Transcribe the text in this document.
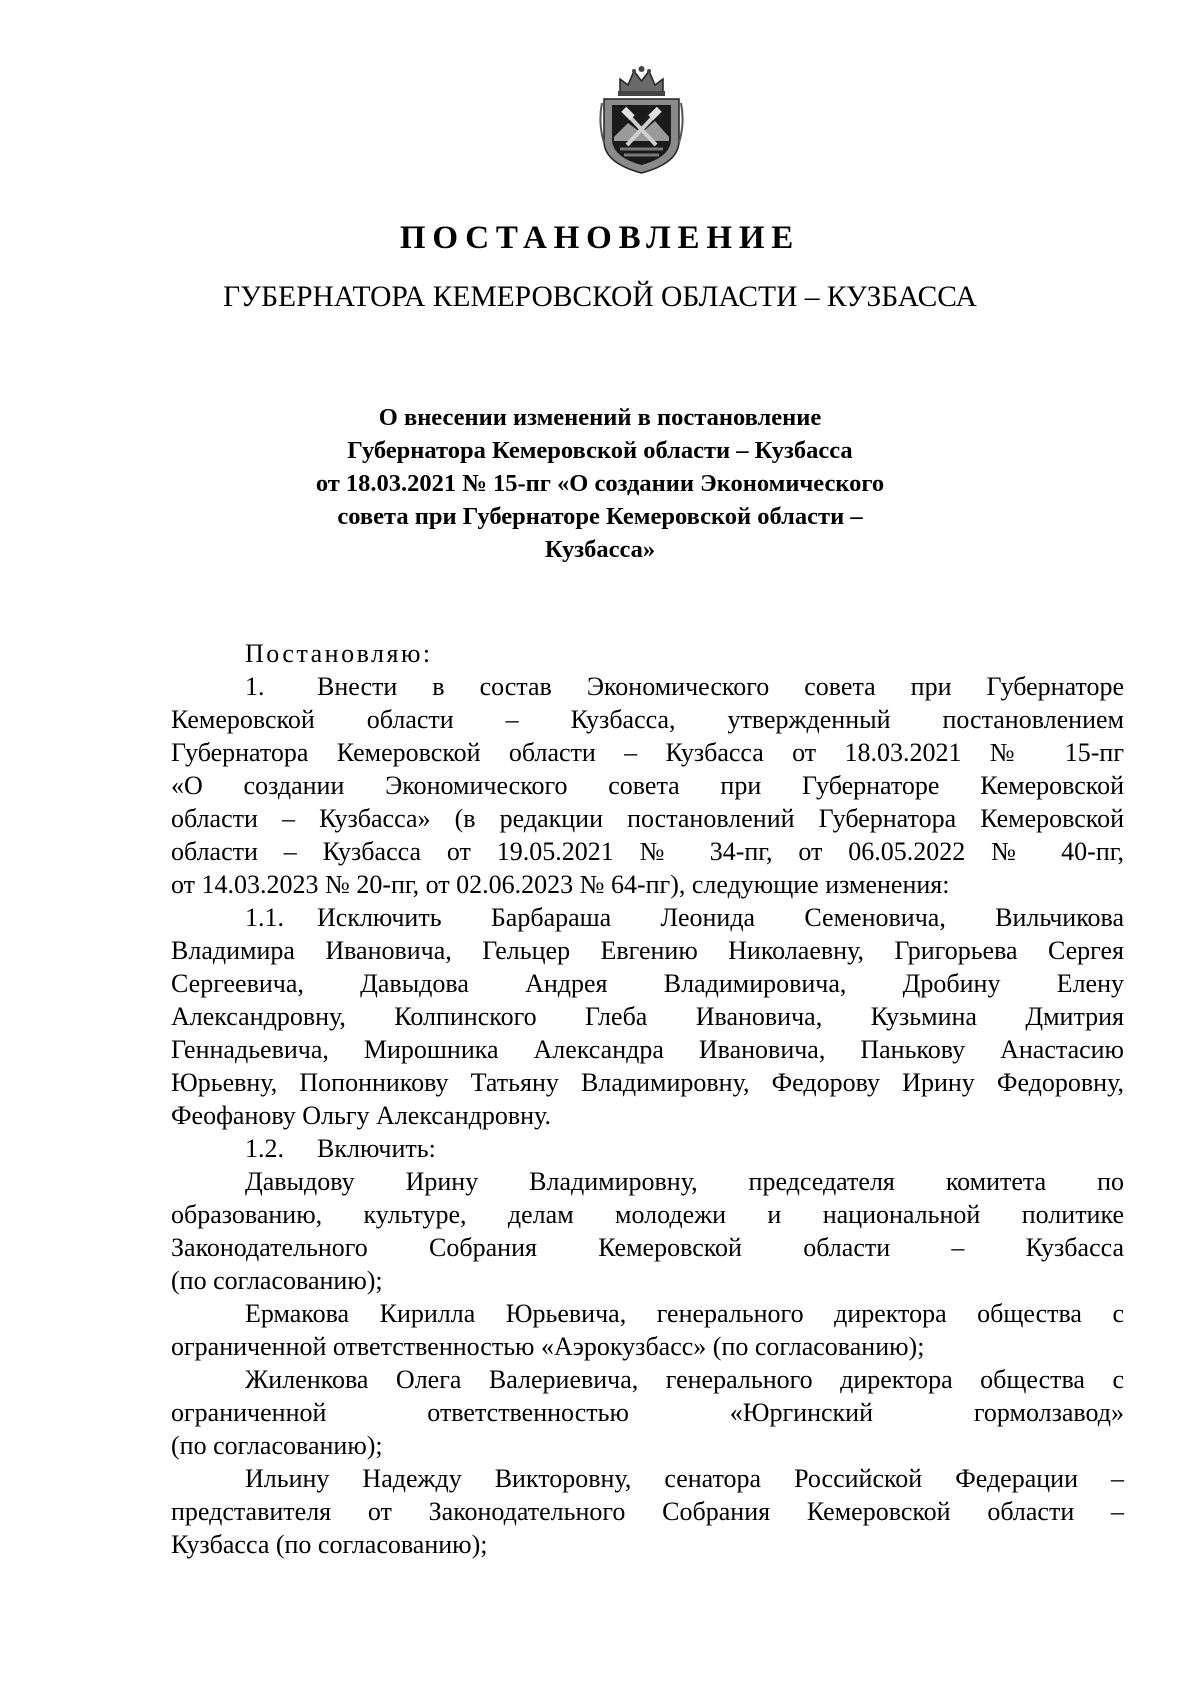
ПОСТАНОВЛЕНИЕ
ГУБЕРНАТОРА КЕМЕРОВСКОЙ ОБЛАСТИ – КУЗБАССА
О внесении изменений в постановление
Губернатора Кемеровской области – Кузбасса
от 18.03.2021 № 15-пг «О создании Экономического
совета при Губернаторе Кемеровской области –
Кузбасса»
Постановляю:
1. Внести в состав Экономического совета при Губернаторе
Кемеровской области – Кузбасса, утвержденный постановлением
Губернатора Кемеровской области – Кузбасса от 18.03.2021 № 15-пг
«О создании Экономического совета при Губернаторе Кемеровской
области – Кузбасса» (в редакции постановлений Губернатора Кемеровской
области – Кузбасса от 19.05.2021 № 34-пг, от 06.05.2022 № 40-пг,
от 14.03.2023 № 20-пг, от 02.06.2023 № 64-пг), следующие изменения:
1.1. Исключить Барбараша Леонида Семеновича, Вильчикова
Владимира Ивановича, Гельцер Евгению Николаевну, Григорьева Сергея
Сергеевича, Давыдова Андрея Владимировича, Дробину Елену
Александровну, Колпинского Глеба Ивановича, Кузьмина Дмитрия
Геннадьевича, Мирошника Александра Ивановича, Панькову Анастасию
Юрьевну, Попонникову Татьяну Владимировну, Федорову Ирину Федоровну,
Феофанову Ольгу Александровну.
1.2. Включить:
Давыдову Ирину Владимировну, председателя комитета по
образованию, культуре, делам молодежи и национальной политике
Законодательного Собрания Кемеровской области – Кузбасса
(по согласованию);
Ермакова Кирилла Юрьевича, генерального директора общества с
ограниченной ответственностью «Аэрокузбасс» (по согласованию);
Жиленкова Олега Валериевича, генерального директора общества с
ограниченной ответственностью «Юргинский гормолзавод»
(по согласованию);
Ильину Надежду Викторовну, сенатора Российской Федерации –
представителя от Законодательного Собрания Кемеровской области –
Кузбасса (по согласованию);
